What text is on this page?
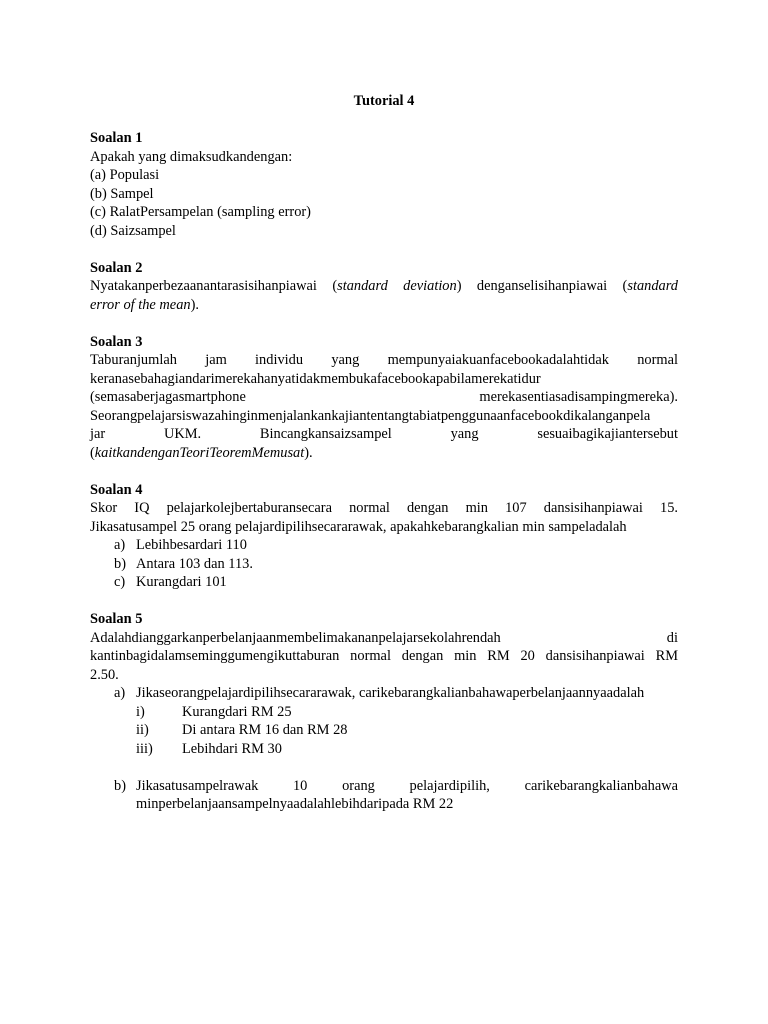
Tutorial 4

Soalan 1

Apakah yang dimaksudkandengan:

(a) Populasi

(b) Sampel

(c) RalatPersampelan (sampling error)

(d) Saizsampel

Soalan 2

Nyatakanperbezaanantarasisihanpiawai (standard deviation) denganselisihanpiawai (standard

error of the mean).

Soalan 3

Taburanjumlah jam individu yang mempunyaiakuanfacebookadalahtidak normal

keranasebahagiandarimerekahanyatidakmembukafacebookapabilamerekatidur

(semasaberjagasmartphone merekasentiasadisampingmereka).

Seorangpelajarsiswazahinginmenjalankankajiantentangtabiatpenggunaanfacebookdikalanganpela

jar UKM. Bincangkansaizsampel yang sesuaibagikajiantersebut

(kaitkandenganTeoriTeoremMemusat).

Soalan 4

Skor IQ pelajarkolejbertaburansecara normal dengan min 107 dansisihanpiawai 15.

Jikasatusampel 25 orang pelajardipilihsecararawak, apakahkebarangkalian min sampeladalah

a) Lebihbesardari 110
b) Antara 103 dan 113.
c) Kurangdari 101

Soalan 5

Adalahdianggarkanperbelanjaanmembelimakananpelajarsekolahrendah di

kantinbagidalamseminggumengikuttaburan normal dengan min RM 20 dansisihanpiawai RM

2.50.

a) Jikaseorangpelajardipilihsecararawak, carikebarangkalianbahawaperbelanjaannyaadalah
i)	Kurangdari RM 25
ii) Di antara RM 16 dan RM 28
iii) Lebihdari RM 30
b) Jikasatusampelrawak 10 orang pelajardipilih, carikebarangkalianbahawa

minperbelanjaansampelnyaadalahlebihdaripada RM 22
